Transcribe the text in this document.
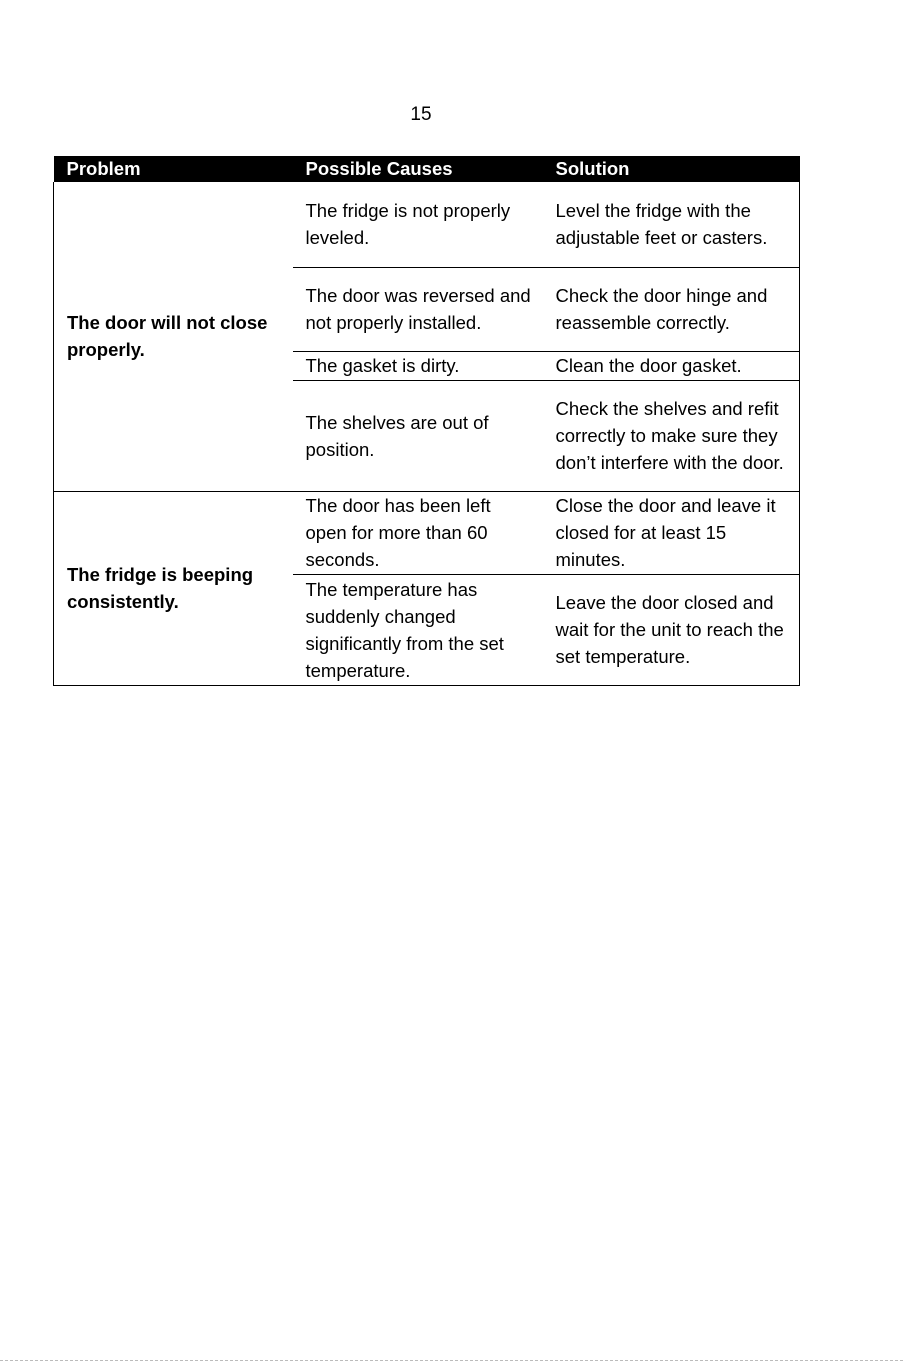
15
Problem	Possible Causes	Solution
The door will not close properly.	The fridge is not properly leveled.	Level the fridge with the adjustable feet or casters.
	The door was reversed and not properly installed.	Check the door hinge and reassemble correctly.
	The gasket is dirty.	Clean the door gasket.
	The shelves are out of position.	Check the shelves and refit correctly to make sure they don’t interfere with the door.
The fridge is beeping consistently.	The door has been left open for more than 60 seconds.	Close the door and leave it closed for at least 15 minutes.
	The temperature has suddenly changed significantly from the set temperature.	Leave the door closed and wait for the unit to reach the set temperature.
